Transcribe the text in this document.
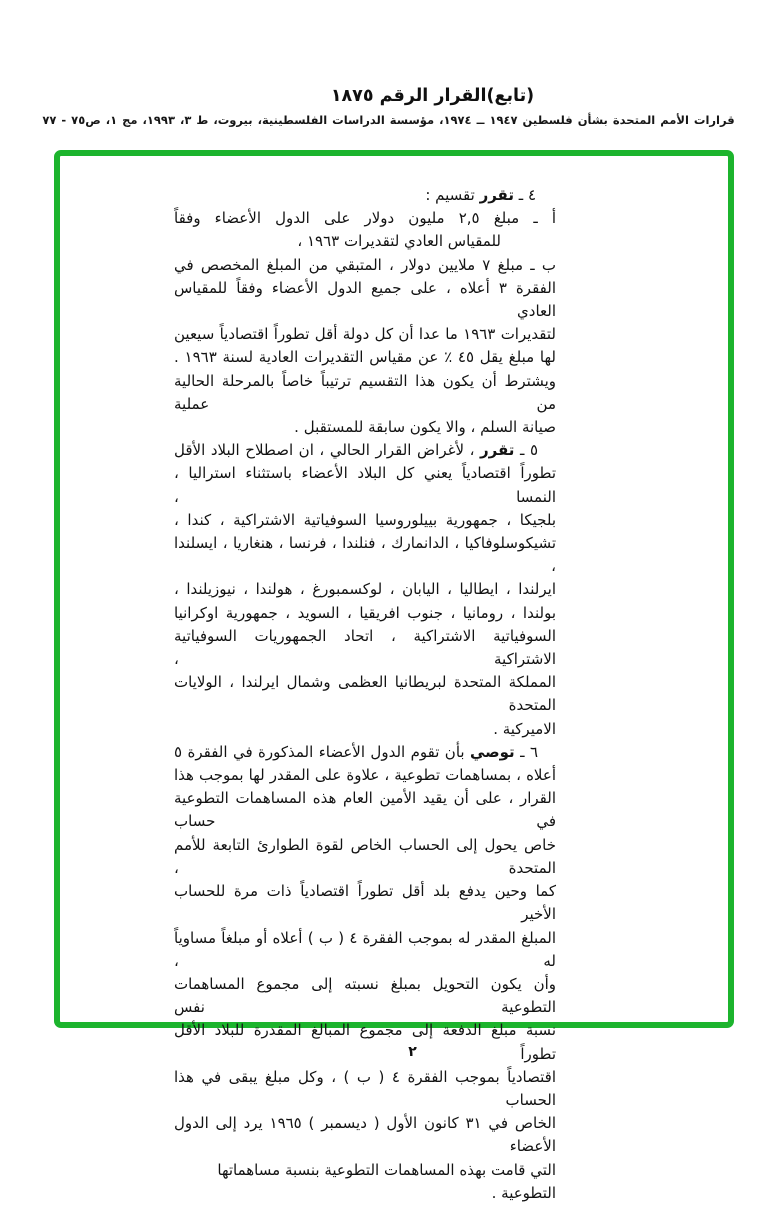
(تابع)القرار الرقم ١٨٧٥
قرارات الأمم المتحدة بشأن فلسطين ١٩٤٧ ــ ١٩٧٤، مؤسسة الدراسات الفلسطينية، بيروت، ط ٣، ١٩٩٣، مج ١، ص٧٥ - ٧٧
٤ ـ تقرر تقسيم :
أ ـ مبلغ ٢,٥ مليون دولار على الدول الأعضاء وفقاً
للمقياس العادي لتقديرات ١٩٦٣ ،
ب ـ مبلغ ٧ ملايين دولار ، المتبقي من المبلغ المخصص في
الفقرة ٣ أعلاه ، على جميع الدول الأعضاء وفقاً للمقياس العادي
لتقديرات ١٩٦٣ ما عدا أن كل دولة أقل تطوراً اقتصادياً سيعين
لها مبلغ يقل ٤٥ ٪ عن مقياس التقديرات العادية لسنة ١٩٦٣ .
ويشترط أن يكون هذا التقسيم ترتيباً خاصاً بالمرحلة الحالية من عملية
صيانة السلم ، والا يكون سابقة للمستقبل .
٥ ـ تقرر ، لأغراض القرار الحالي ، ان اصطلاح البلاد الأقل
تطوراً اقتصادياً يعني كل البلاد الأعضاء باستثناء استراليا ، النمسا ،
بلجيكا ، جمهورية بييلوروسيا السوفياتية الاشتراكية ، كندا ،
تشيكوسلوفاكيا ، الدانمارك ، فنلندا ، فرنسا ، هنغاريا ، ايسلندا ،
ايرلندا ، ايطاليا ، اليابان ، لوكسمبورغ ، هولندا ، نيوزيلندا ،
بولندا ، رومانيا ، جنوب افريقيا ، السويد ، جمهورية اوكرانيا
السوفياتية الاشتراكية ، اتحاد الجمهوريات السوفياتية الاشتراكية ،
المملكة المتحدة لبريطانيا العظمى وشمال ايرلندا ، الولايات المتحدة
الاميركية .
٦ ـ توصي بأن تقوم الدول الأعضاء المذكورة في الفقرة ٥
أعلاه ، بمساهمات تطوعية ، علاوة على المقدر لها بموجب هذا
القرار ، على أن يقيد الأمين العام هذه المساهمات التطوعية في حساب
خاص يحول إلى الحساب الخاص لقوة الطوارئ التابعة للأمم المتحدة ،
كما وحين يدفع بلد أقل تطوراً اقتصادياً ذات مرة للحساب الأخير
المبلغ المقدر له بموجب الفقرة ٤ ( ب ) أعلاه أو مبلغاً مساوياً له ،
وأن يكون التحويل بمبلغ نسبته إلى مجموع المساهمات التطوعية نفس
نسبة مبلغ الدفعة إلى مجموع المبالغ المقدرة للبلاد الأقل تطوراً
اقتصادياً بموجب الفقرة ٤ ( ب ) ، وكل مبلغ يبقى في هذا الحساب
الخاص في ٣١ كانون الأول ( ديسمبر ) ١٩٦٥ يرد إلى الدول الأعضاء
التي قامت بهذه المساهمات التطوعية بنسبة مساهماتها التطوعية .
٢
